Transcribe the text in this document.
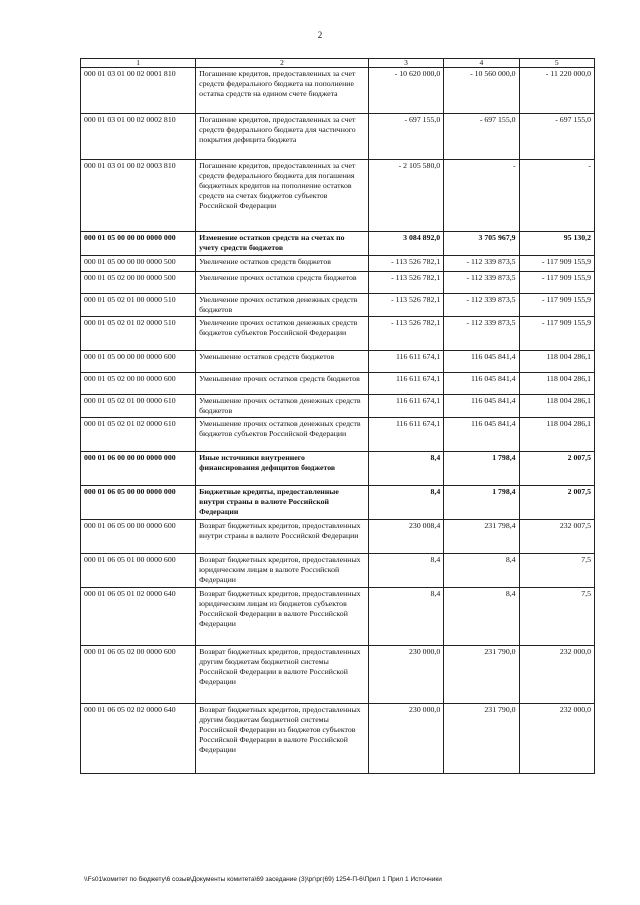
2
1	2	3	4	5
000 01 03 01 00 02 0001 810	Погашение кредитов, предоставленных за счет средств федерального бюджета на пополнение остатка средств на едином счете бюджета	- 10 620 000,0	- 10 560 000,0	- 11 220 000,0
000 01 03 01 00 02 0002 810	Погашение кредитов, предоставленных за счет средств федерального бюджета для частичного покрытия дефицита бюджета	- 697 155,0	- 697 155,0	- 697 155,0
000 01 03 01 00 02 0003 810	Погашение кредитов, предоставленных за счет средств федерального бюджета для погашения бюджетных кредитов на пополнение остатков средств на счетах бюджетов субъектов Российской Федерации	- 2 105 580,0	-	-
000 01 05 00 00 00 0000 000	Изменение остатков средств на счетах по учету средств бюджетов	3 084 892,0	3 705 967,9	95 130,2
000 01 05 00 00 00 0000 500	Увеличение остатков средств бюджетов	- 113 526 782,1	- 112 339 873,5	- 117 909 155,9
000 01 05 02 00 00 0000 500	Увеличение прочих остатков средств бюджетов	- 113 526 782,1	- 112 339 873,5	- 117 909 155,9
000 01 05 02 01 00 0000 510	Увеличение прочих остатков денежных средств бюджетов	- 113 526 782,1	- 112 339 873,5	- 117 909 155,9
000 01 05 02 01 02 0000 510	Увеличение прочих остатков денежных средств бюджетов субъектов Российской Федерации	- 113 526 782,1	- 112 339 873,5	- 117 909 155,9
000 01 05 00 00 00 0000 600	Уменьшение остатков средств бюджетов	116 611 674,1	116 045 841,4	118 004 286,1
000 01 05 02 00 00 0000 600	Уменьшение прочих остатков средств бюджетов	116 611 674,1	116 045 841,4	118 004 286,1
000 01 05 02 01 00 0000 610	Уменьшение прочих остатков денежных средств бюджетов	116 611 674,1	116 045 841,4	118 004 286,1
000 01 05 02 01 02 0000 610	Уменьшение прочих остатков денежных средств бюджетов субъектов Российской Федерации	116 611 674,1	116 045 841,4	118 004 286,1
000 01 06 00 00 00 0000 000	Иные источники внутреннего финансирования дефицитов бюджетов	8,4	1 798,4	2 007,5
000 01 06 05 00 00 0000 000	Бюджетные кредиты, предоставленные внутри страны в валюте Российской Федерации	8,4	1 798,4	2 007,5
000 01 06 05 00 00 0000 600	Возврат бюджетных кредитов, предоставленных внутри страны в валюте Российской Федерации	230 008,4	231 798,4	232 007,5
000 01 06 05 01 00 0000 600	Возврат бюджетных кредитов, предоставленных юридическим лицам в валюте Российской Федерации	8,4	8,4	7,5
000 01 06 05 01 02 0000 640	Возврат бюджетных кредитов, предоставленных юридическим лицам из бюджетов субъектов Российской Федерации в валюте Российской Федерации	8,4	8,4	7,5
000 01 06 05 02 00 0000 600	Возврат бюджетных кредитов, предоставленных другим бюджетам бюджетной системы Российской Федерации в валюте Российской Федерации	230 000,0	231 790,0	232 000,0
000 01 06 05 02 02 0000 640	Возврат бюджетных кредитов, предоставленных другим бюджетам бюджетной системы Российской Федерации из бюджетов субъектов Российской Федерации в валюте Российской Федерации	230 000,0	231 790,0	232 000,0
\\Fs01\комитет по бюджету\6 созыв\Документы комитета\69 заседание (3)\рг\рг(69) 1254-П-6\Прил 1 Прил 1 Источники
